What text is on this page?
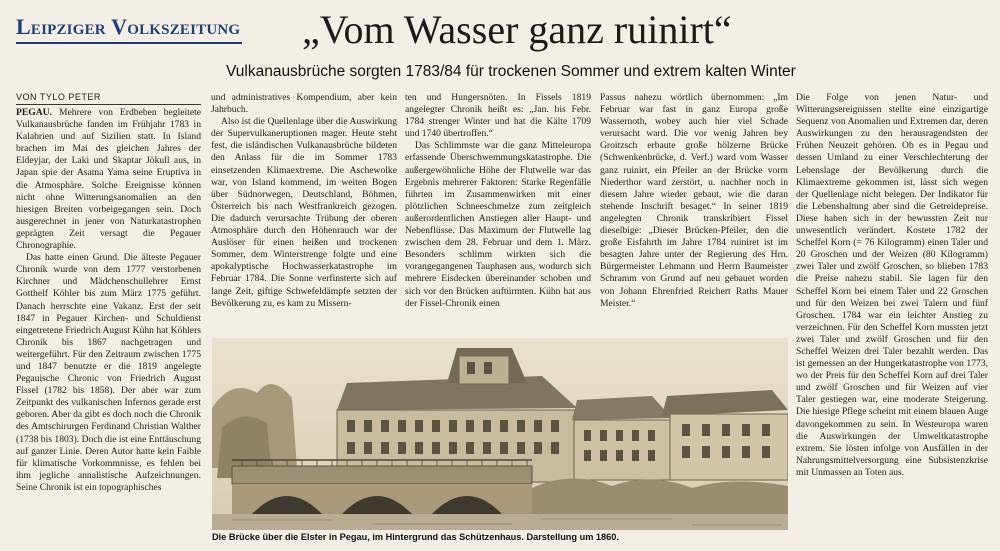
Leipziger Volkszeitung „Vom Wasser ganz ruinirt“
Vulkanausbrüche sorgten 1783/84 für trockenen Sommer und extrem kalten Winter
VON TYLO PETER

PEGAU. Mehrere von Erdbeben begleitete Vulkanausbrüche fanden im Frühjahr 1783 in Kalabrien und auf Sizilien statt. In Island brachen im Mai des gleichen Jahres der Eldeyjar, der Laki und Skaptar Jökull aus, in Japan spie der Asama Yama seine Eruptiva in die Atmosphäre. Solche Ereignisse können nicht ohne Witterungsanomalien an den hiesigen Breiten vorbeigegangen sein. Doch ausgerechnet in jener von Naturkatastrophen geprägten Zeit versagt die Pegauer Chronographie.

Das hatte einen Grund. Die älteste Pegauer Chronik wurde von dem 1777 verstorbenen Kirchner und Mädchenschullehrer Ernst Gotthelf Köhler bis zum März 1775 geführt. Danach herrschte eine Vakanz. Erst der seit 1847 in Pegauer Kirchen- und Schuldienst eingetretene Friedrich August Kühn hat Köhlers Chronik bis 1867 nachgetragen und weitergeführt. Für den Zeitraum zwischen 1775 und 1847 benutzte er die 1819 angelegte Pegauische Chronic von Friedrich August Fissel (1782 bis 1858). Der aber war zum Zeitpunkt des vulkanischen Infernos gerade erst geboren. Aber da gibt es doch noch die Chronik des Amtschirurgen Ferdinand Christian Walther (1738 bis 1803). Doch die ist eine Enttäuschung auf ganzer Linie. Deren Autor hatte kein Faible für klimatische Vorkommnisse, es fehlen bei ihm jegliche annalistische Aufzeichnungen. Seine Chronik ist ein topographisches

und administratives Kompendium, aber kein Jahrbuch.

Also ist die Quellenlage über die Auswirkung der Supervulkaneruptionen mager. Heute steht fest, die isländischen Vulkanausbrüche bildeten den Anlass für die im Sommer 1783 einsetzenden Klimaextreme. Die Aschewolke war, von Island kommend, im weiten Bogen über Südnorwegen, Deutschland, Böhmen, Österreich bis nach Westfrankreich gezogen. Die dadurch verursachte Trübung der oberen Atmosphäre durch den Höhenrauch war der Auslöser für einen heißen und trockenen Sommer, dem Winterstrenge folgte und eine apokalyptische Hochwasserkatastrophe im Februar 1784. Die Sonne verfinsterte sich auf lange Zeit, giftige Schwefeldämpfe setzten der Bevölkerung zu, es kam zu Missern-

ten und Hungersnöten. In Fissels 1819 angelegter Chronik heißt es: „Jan. bis Febr. 1784 strenger Winter und hat die Kälte 1709 und 1740 übertroffen.“

Das Schlimmste war die ganz Mitteleuropa erfassende Überschwemmungskatastrophe. Die außergewöhnliche Höhe der Flutwelle war das Ergebnis mehrerer Faktoren: Starke Regenfälle führten im Zusammenwirken mit einer plötzlichen Schneeschmelze zum zeitgleich außerordentlichen Anstiegen aller Haupt- und Nebenflüsse. Das Maximum der Flutwelle lag zwischen dem 28. Februar und dem 1. März. Besonders schlimm wirkten sich die vorangegangenen Tauphasen aus, wodurch sich mehrere Eisdecken übereinander schoben und sich vor den Brücken auftürmten. Kühn hat aus der Fissel-Chronik einen

Passus nahezu wörtlich übernommen: „Im Februar war fast in ganz Europa große Wassernoth, wobey auch hier viel Schade verursacht ward. Die vor wenig Jahren bey Groitzsch erbaute große hölzerne Brücke (Schwenkenbrücke, d. Verf.) ward vom Wasser ganz ruinirt, ein Pfeiler an der Brücke vorm Niederthor ward zerstört, u. nachher noch in diesem Jahre wieder gebaut, wie die daran stehende Inschrift besaget.“ In seiner 1819 angelegten Chronik transkribiert Fissel dieselbige: „Dieser Brücken-Pfeiler, den die große Eisfahrth im Jahre 1784 ruiniret ist im besagten Jahre unter der Regierung des Hrn. Bürgermeister Lehmann und Herrn Baumeister Schramm von Grund auf neu gebauet worden von Johann Ehrenfried Reichert Raths Mauer Meister.“

Die Folge von jenen Natur- und Witterungsereignissen stellte eine einzigartige Sequenz von Anomalien und Extremen dar, deren Auswirkungen zu den herausragendsten der Frühen Neuzeit gehören. Ob es in Pegau und dessen Umland zu einer Verschlechterung der Lebenslage der Bevölkerung durch die Klimaextreme gekommen ist, lässt sich wegen der Quellenlage nicht belegen. Der Indikator für die Lebenshaltung aber sind die Getreidepreise. Diese haben sich in der bewussten Zeit nur unwesentlich verändert. Kostete 1782 der Scheffel Korn (= 76 Kilogramm) einen Taler und 20 Groschen und der Weizen (80 Kilogramm) zwei Taler und zwölf Groschen, so blieben 1783 die Preise nahezu stabil. Sie lagen für den Scheffel Korn bei einem Taler und 22 Groschen und für den Weizen bei zwei Talern und fünf Groschen. 1784 war ein leichter Anstieg zu verzeichnen. Für den Scheffel Korn mussten jetzt zwei Taler und zwölf Groschen und für den Scheffel Weizen drei Taler bezahlt werden. Das ist gemessen an der Hungerkatastrophe von 1773, wo der Preis für den Scheffel Korn auf drei Taler und zwölf Groschen und für Weizen auf vier Taler gestiegen war, eine moderate Steigerung. Die hiesige Pflege scheint mit einem blauen Auge davongekommen zu sein. In Westeuropa waren die Auswirkungen der Umweltkatastrophe extrem. Sie lösten infolge von Ausfällen in der Nahrungsmittelversorgung eine Subsistenzkrise mit Unmassen an Toten aus.

Die Brücke über die Elster in Pegau, im Hintergrund das Schützenhaus. Darstellung um 1860.
